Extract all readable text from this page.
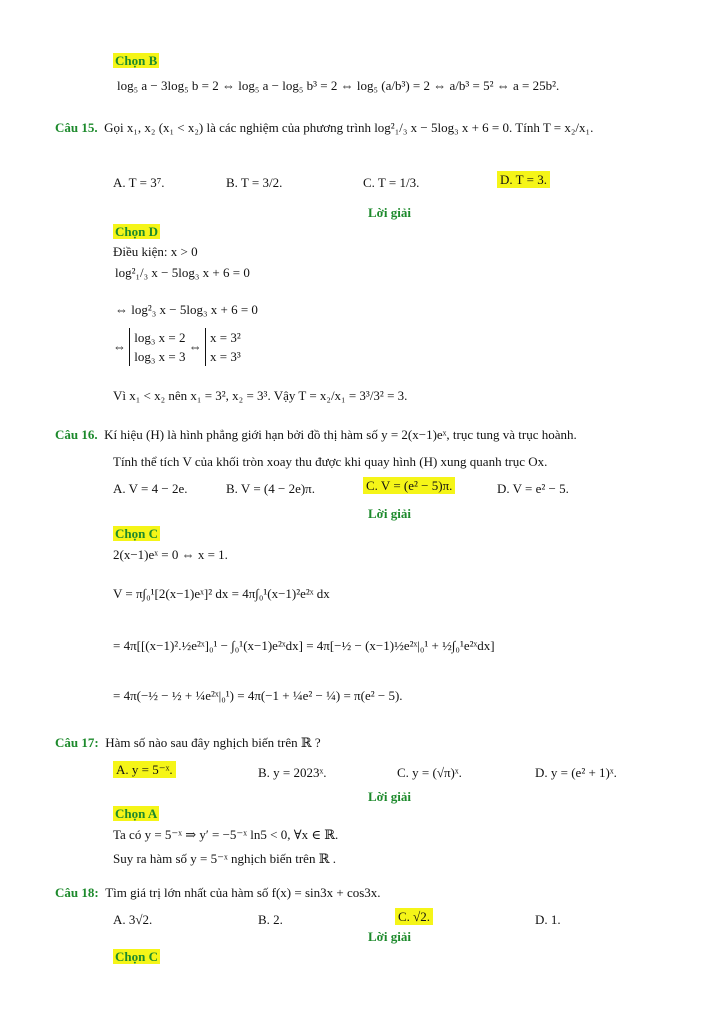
Chọn B
log₅ a − 3log₅ b = 2 ⇔ log₅ a − log₅ b³ = 2 ⇔ log₅ (a/b³) = 2 ⇔ a/b³ = 5² ⇔ a = 25b².
Câu 15. Gọi x₁, x₂ (x₁ < x₂) là các nghiệm của phương trình log²₁/₃ x − 5log₃ x + 6 = 0. Tính T = x₂/x₁.
A. T = 3⁷.	B. T = 3/2.	C. T = 1/3.	D. T = 3.
Lời giải
Chọn D
Điều kiện: x > 0
log²₁/₃ x − 5log₃ x + 6 = 0
⇔ log²₃ x − 5log₃ x + 6 = 0
⇔ log₃ x = 2
log₃ x = 3 ⇔ x = 3²
x = 3³
Vì x₁ < x₂ nên x₁ = 3², x₂ = 3³. Vậy T = x₂/x₁ = 3³/3² = 3.
Câu 16. Kí hiệu (H) là hình phẳng giới hạn bởi đồ thị hàm số y = 2(x−1)eˣ, trục tung và trục hoành.
Tính thể tích V của khối tròn xoay thu được khi quay hình (H) xung quanh trục Ox.
A. V = 4 − 2e.	B. V = (4 − 2e)π.	C. V = (e² − 5)π.	D. V = e² − 5.
Lời giải
Chọn C
2(x−1)eˣ = 0 ⇔ x = 1.
V = π∫₀¹[2(x−1)eˣ]² dx = 4π∫₀¹(x−1)²e²ˣ dx
= 4π[[(x−1)².½e²ˣ]₀¹ − ∫₀¹(x−1)e²ˣdx] = 4π[−½ − (x−1)½e²ˣ|₀¹ + ½∫₀¹e²ˣdx]
= 4π(−½ − ½ + ¼e²ˣ|₀¹) = 4π(−1 + ¼e² − ¼) = π(e² − 5).
Câu 17: Hàm số nào sau đây nghịch biến trên ℝ ?
A. y = 5⁻ˣ.	B. y = 2023ˣ.	C. y = (√π)ˣ.	D. y = (e² + 1)ˣ.
Lời giải
Chọn A
Ta có y = 5⁻ˣ ⇒ y′ = −5⁻ˣ ln5 < 0, ∀x ∈ ℝ.
Suy ra hàm số y = 5⁻ˣ nghịch biến trên ℝ .
Câu 18: Tìm giá trị lớn nhất của hàm số f(x) = sin3x + cos3x.
A. 3√2.	B. 2.	C. √2.	D. 1.
Lời giải
Chọn C
